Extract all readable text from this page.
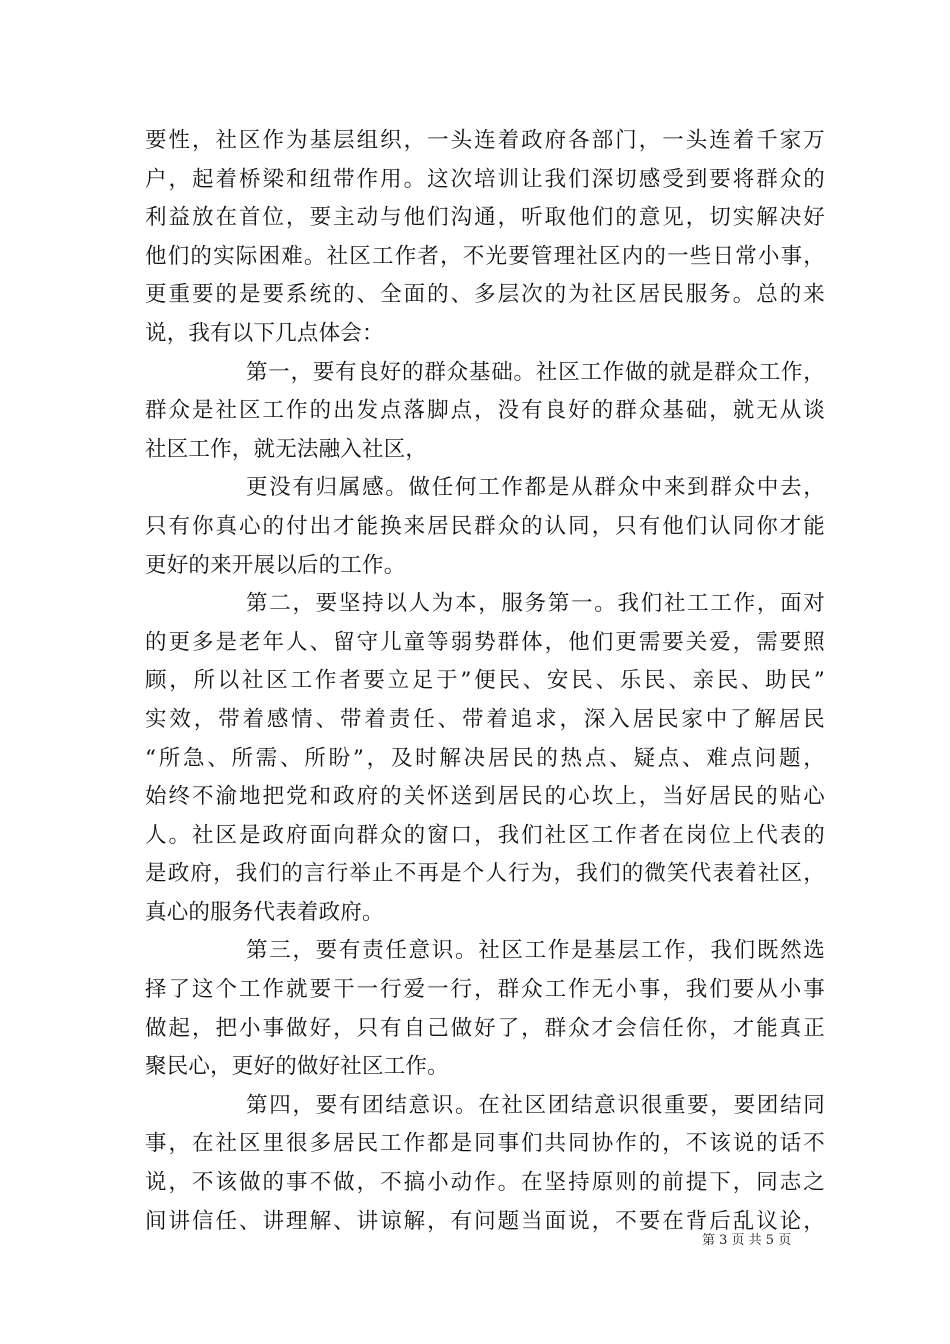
要性，社区作为基层组织，一头连着政府各部门，一头连着千家万
户，起着桥梁和纽带作用。这次培训让我们深切感受到要将群众的
利益放在首位，要主动与他们沟通，听取他们的意见，切实解决好
他们的实际困难。社区工作者，不光要管理社区内的一些日常小事，
更重要的是要系统的、全面的、多层次的为社区居民服务。总的来
说，我有以下几点体会：
第一，要有良好的群众基础。社区工作做的就是群众工作，
群众是社区工作的出发点落脚点，没有良好的群众基础，就无从谈
社区工作，就无法融入社区，
更没有归属感。做任何工作都是从群众中来到群众中去，
只有你真心的付出才能换来居民群众的认同，只有他们认同你才能
更好的来开展以后的工作。
第二，要坚持以人为本，服务第一。我们社工工作，面对
的更多是老年人、留守儿童等弱势群体，他们更需要关爱，需要照
顾，所以社区工作者要立足于”便民、安民、乐民、亲民、助民”
实效，带着感情、带着责任、带着追求，深入居民家中了解居民
“所急、所需、所盼”，及时解决居民的热点、疑点、难点问题，
始终不渝地把党和政府的关怀送到居民的心坎上，当好居民的贴心
人。社区是政府面向群众的窗口，我们社区工作者在岗位上代表的
是政府，我们的言行举止不再是个人行为，我们的微笑代表着社区，
真心的服务代表着政府。
第三，要有责任意识。社区工作是基层工作，我们既然选
择了这个工作就要干一行爱一行，群众工作无小事，我们要从小事
做起，把小事做好，只有自己做好了，群众才会信任你，才能真正
聚民心，更好的做好社区工作。
第四，要有团结意识。在社区团结意识很重要，要团结同
事，在社区里很多居民工作都是同事们共同协作的，不该说的话不
说，不该做的事不做，不搞小动作。在坚持原则的前提下，同志之
间讲信任、讲理解、讲谅解，有问题当面说，不要在背后乱议论，
第 3 页 共 5 页
